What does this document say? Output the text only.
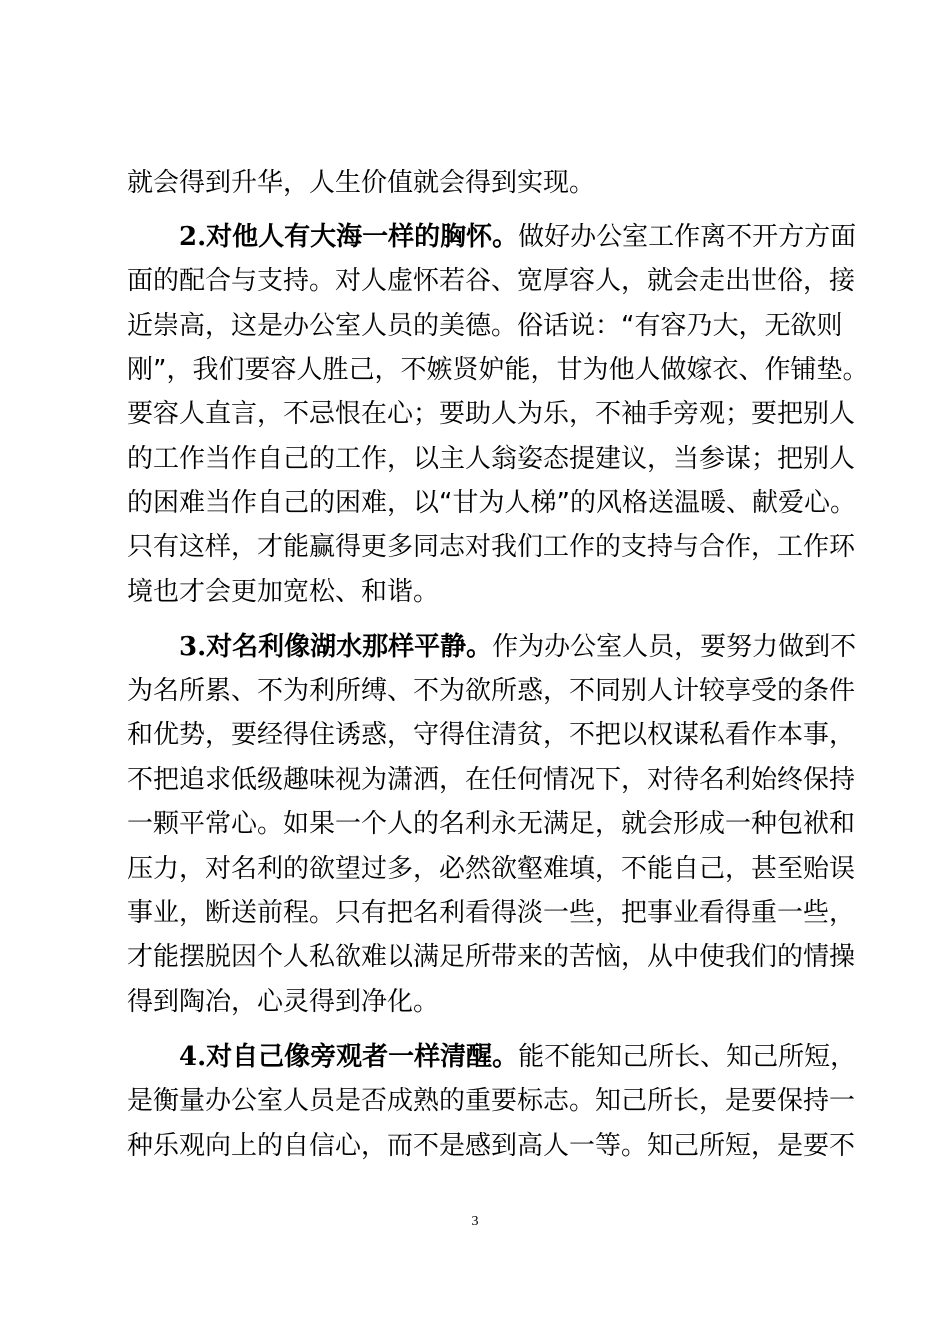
就会得到升华，人生价值就会得到实现。
2.对他人有大海一样的胸怀。做好办公室工作离不开方方面
面的配合与支持。对人虚怀若谷、宽厚容人，就会走出世俗，接
近崇高，这是办公室人员的美德。俗话说：“有容乃大，无欲则
刚”，我们要容人胜己，不嫉贤妒能，甘为他人做嫁衣、作铺垫。
要容人直言，不忌恨在心；要助人为乐，不袖手旁观；要把别人
的工作当作自己的工作，以主人翁姿态提建议，当参谋；把别人
的困难当作自己的困难，以“甘为人梯”的风格送温暖、献爱心。
只有这样，才能赢得更多同志对我们工作的支持与合作，工作环
境也才会更加宽松、和谐。
3.对名利像湖水那样平静。作为办公室人员，要努力做到不
为名所累、不为利所缚、不为欲所惑，不同别人计较享受的条件
和优势，要经得住诱惑，守得住清贫，不把以权谋私看作本事，
不把追求低级趣味视为潇洒，在任何情况下，对待名利始终保持
一颗平常心。如果一个人的名利永无满足，就会形成一种包袱和
压力，对名利的欲望过多，必然欲壑难填，不能自己，甚至贻误
事业，断送前程。只有把名利看得淡一些，把事业看得重一些，
才能摆脱因个人私欲难以满足所带来的苦恼，从中使我们的情操
得到陶冶，心灵得到净化。
4.对自己像旁观者一样清醒。能不能知己所长、知己所短，
是衡量办公室人员是否成熟的重要标志。知己所长，是要保持一
种乐观向上的自信心，而不是感到高人一等。知己所短，是要不
3
